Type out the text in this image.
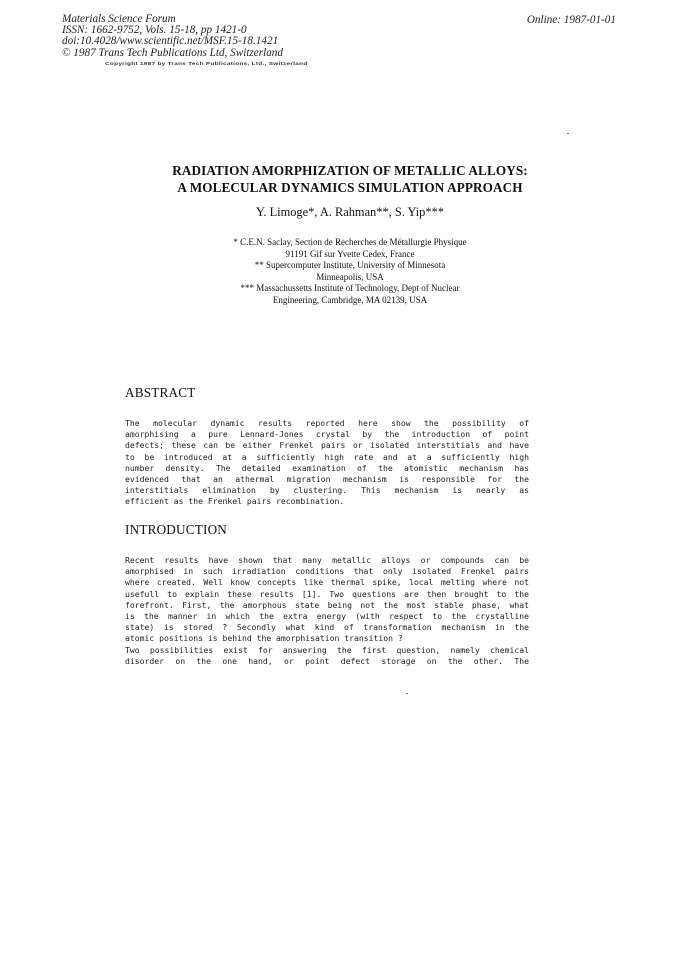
Materials Science Forum
ISSN: 1662-9752, Vols. 15-18, pp 1421-0
doi:10.4028/www.scientific.net/MSF.15-18.1421
© 1987 Trans Tech Publications Ltd, Switzerland
Online: 1987-01-01
Copyright 1987 by Trans Tech Publications, Ltd., Switzerland
RADIATION AMORPHIZATION OF METALLIC ALLOYS:
A MOLECULAR DYNAMICS SIMULATION APPROACH
Y. Limoge*, A. Rahman**, S. Yip***
* C.E.N. Saclay, Section de Recherches de Métallurgie Physique
91191 Gif sur Yvette Cedex, France
** Supercomputer Institute, University of Minnesota
Minneapolis, USA
*** Massachussetts Institute of Technology, Dept of Nuclear
Engineering, Cambridge, MA 02139, USA
ABSTRACT
The molecular dynamic results reported here show the possibility of
amorphising a pure Lennard-Jones crystal by the introduction of point
defects; these can be either Frenkel pairs or isolated interstitials and have
to be introduced at a sufficiently high rate and at a sufficiently high
number density. The detailed examination of the atomistic mechanism has
evidenced that an athermal migration mechanism is responsible for the
interstitials elimination by clustering. This mechanism is nearly as
efficient as the Frenkel pairs recombination.
INTRODUCTION
Recent results have shown that many metallic alloys or compounds can be
amorphised in such irradiation conditions that only isolated Frenkel pairs
where created. Well know concepts like thermal spike, local melting where not
usefull to explain these results [1]. Two questions are then brought to the
forefront. First, the amorphous state being not the most stable phase, what
is the manner in which the extra energy (with respect to the crystalline
state) is stored ? Secondly what kind of transformation mechanism in the
atomic positions is behind the amorphisation transition ?
Two possibilities exist for answering the first question, namely chemical
disorder on the one hand, or point defect storage on the other. The
